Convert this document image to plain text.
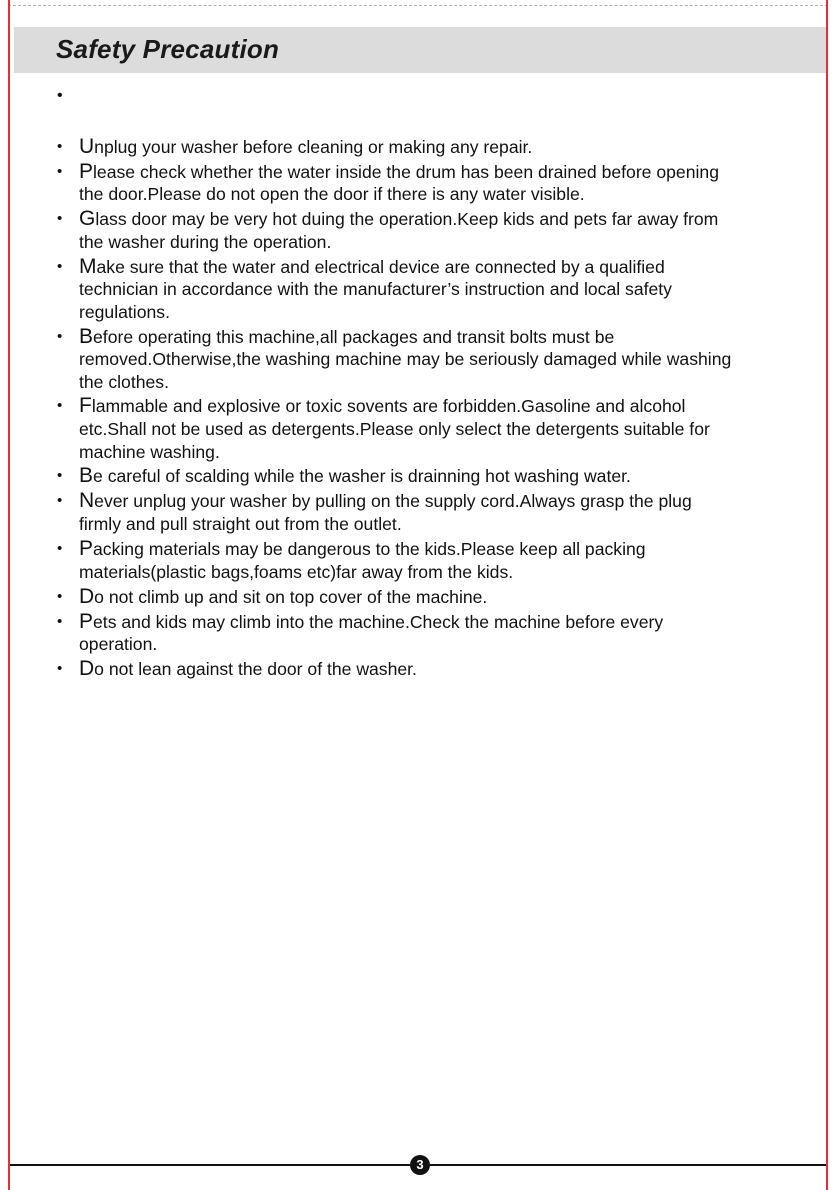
Safety Precaution
•
• Unplug your washer before cleaning or making any repair.
• Please check whether the water inside the drum has been drained before opening the door.Please do not open the door if there is any water visible.
• Glass door may be very hot duing the operation.Keep kids and pets far away from the washer during the operation.
• Make sure that the water and electrical device are connected by a qualified technician in accordance with the manufacturer’s instruction and local safety regulations.
• Before operating this machine,all packages and transit bolts must be removed.Otherwise,the washing machine may be seriously damaged while washing the clothes.
• Flammable and explosive or toxic sovents are forbidden.Gasoline and alcohol etc.Shall not be used as detergents.Please only select the detergents suitable for machine washing.
• Be careful of scalding while the washer is drainning hot washing water.
• Never unplug your washer by pulling on the supply cord.Always grasp the plug firmly and pull straight out from the outlet.
• Packing materials may be dangerous to the kids.Please keep all packing materials(plastic bags,foams etc)far away from the kids.
• Do not climb up and sit on top cover of the machine.
• Pets and kids may climb into the machine.Check the machine before every operation.
• Do not lean against the door of the washer.
3
